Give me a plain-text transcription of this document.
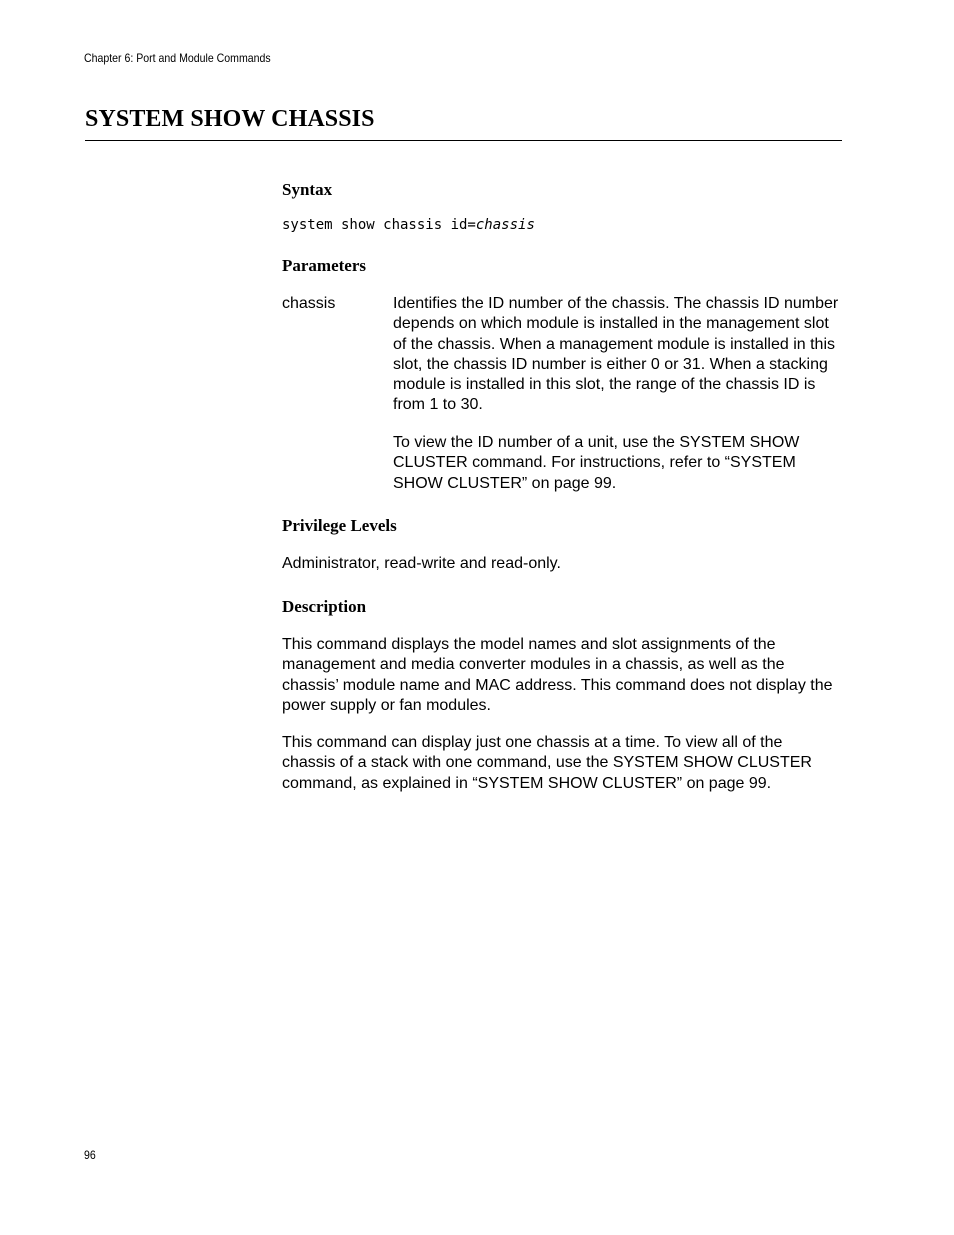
Chapter 6: Port and Module Commands
SYSTEM SHOW CHASSIS
Syntax
system show chassis id=chassis
Parameters
chassis	Identifies the ID number of the chassis. The chassis ID number depends on which module is installed in the management slot of the chassis. When a management module is installed in this slot, the chassis ID number is either 0 or 31. When a stacking module is installed in this slot, the range of the chassis ID is from 1 to 30.
To view the ID number of a unit, use the SYSTEM SHOW CLUSTER command. For instructions, refer to “SYSTEM SHOW CLUSTER” on page 99.
Privilege Levels
Administrator, read-write and read-only.
Description
This command displays the model names and slot assignments of the management and media converter modules in a chassis, as well as the chassis’ module name and MAC address. This command does not display the power supply or fan modules.
This command can display just one chassis at a time. To view all of the chassis of a stack with one command, use the SYSTEM SHOW CLUSTER command, as explained in “SYSTEM SHOW CLUSTER” on page 99.
96
